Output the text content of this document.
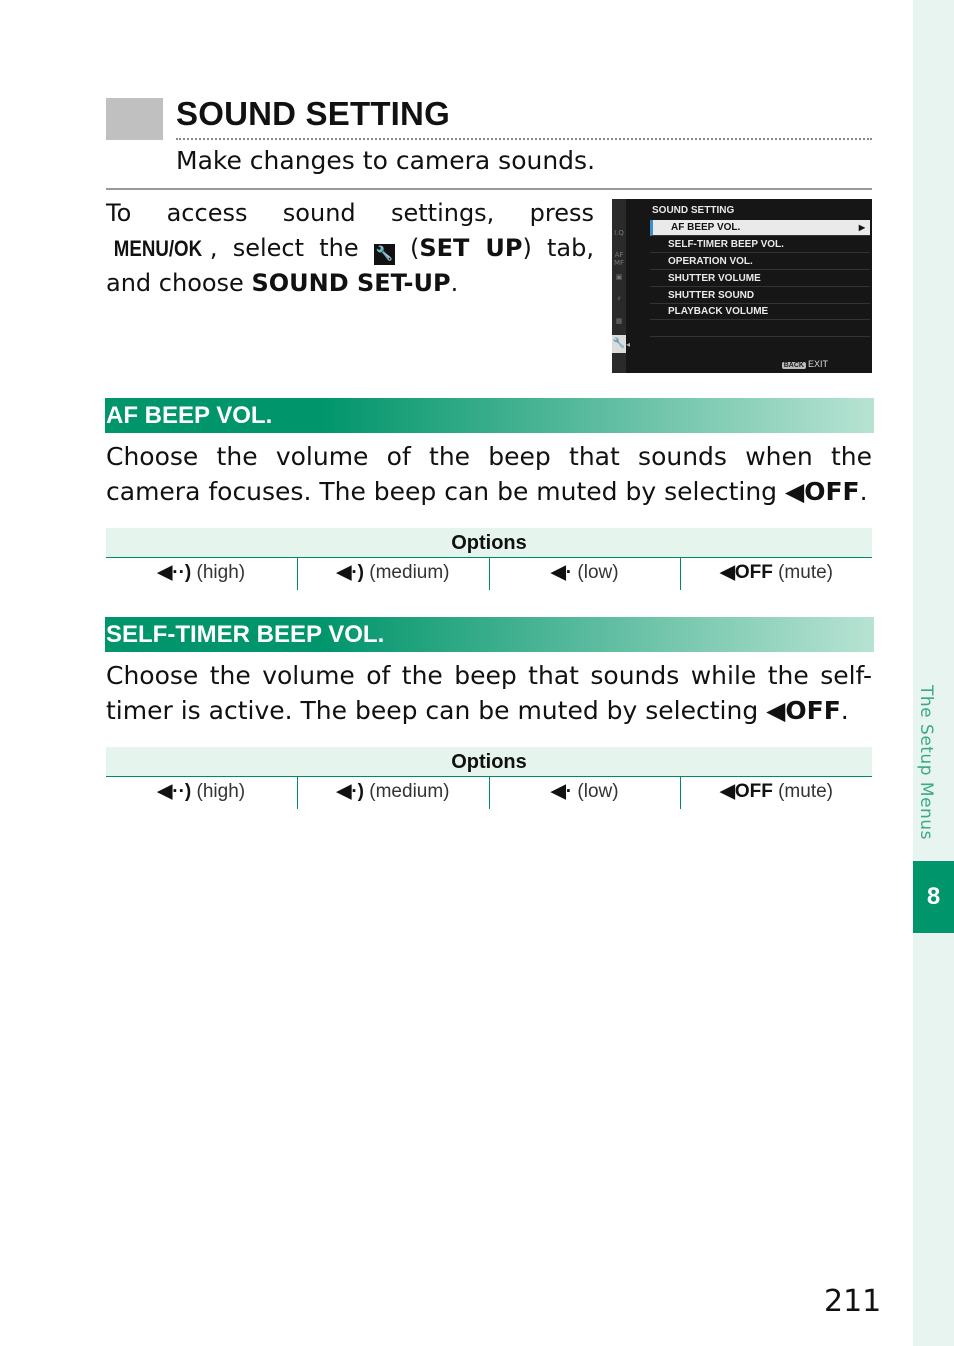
The Setup Menus
8
SOUND SETTING
Make changes to camera sounds.
To access sound settings, press MENU/OK , select the 🔧 (SET UP) tab, and choose SOUND SET-UP.
I.Q
AF MF
▣
⚡
▦
🔧 ◂
SOUND SETTING
AF BEEP VOL.	▶
SELF-TIMER BEEP VOL.
OPERATION VOL.
SHUTTER VOLUME
SHUTTER SOUND
PLAYBACK VOLUME
BACK EXIT
AF BEEP VOL.
Choose the volume of the beep that sounds when the camera focuses. The beep can be muted by selecting ◀OFF.
Options
◀··) (high)	◀·) (medium)	◀· (low)	◀OFF (mute)
SELF-TIMER BEEP VOL.
Choose the volume of the beep that sounds while the self-timer is active. The beep can be muted by selecting ◀OFF.
Options
◀··) (high)	◀·) (medium)	◀· (low)	◀OFF (mute)
211
